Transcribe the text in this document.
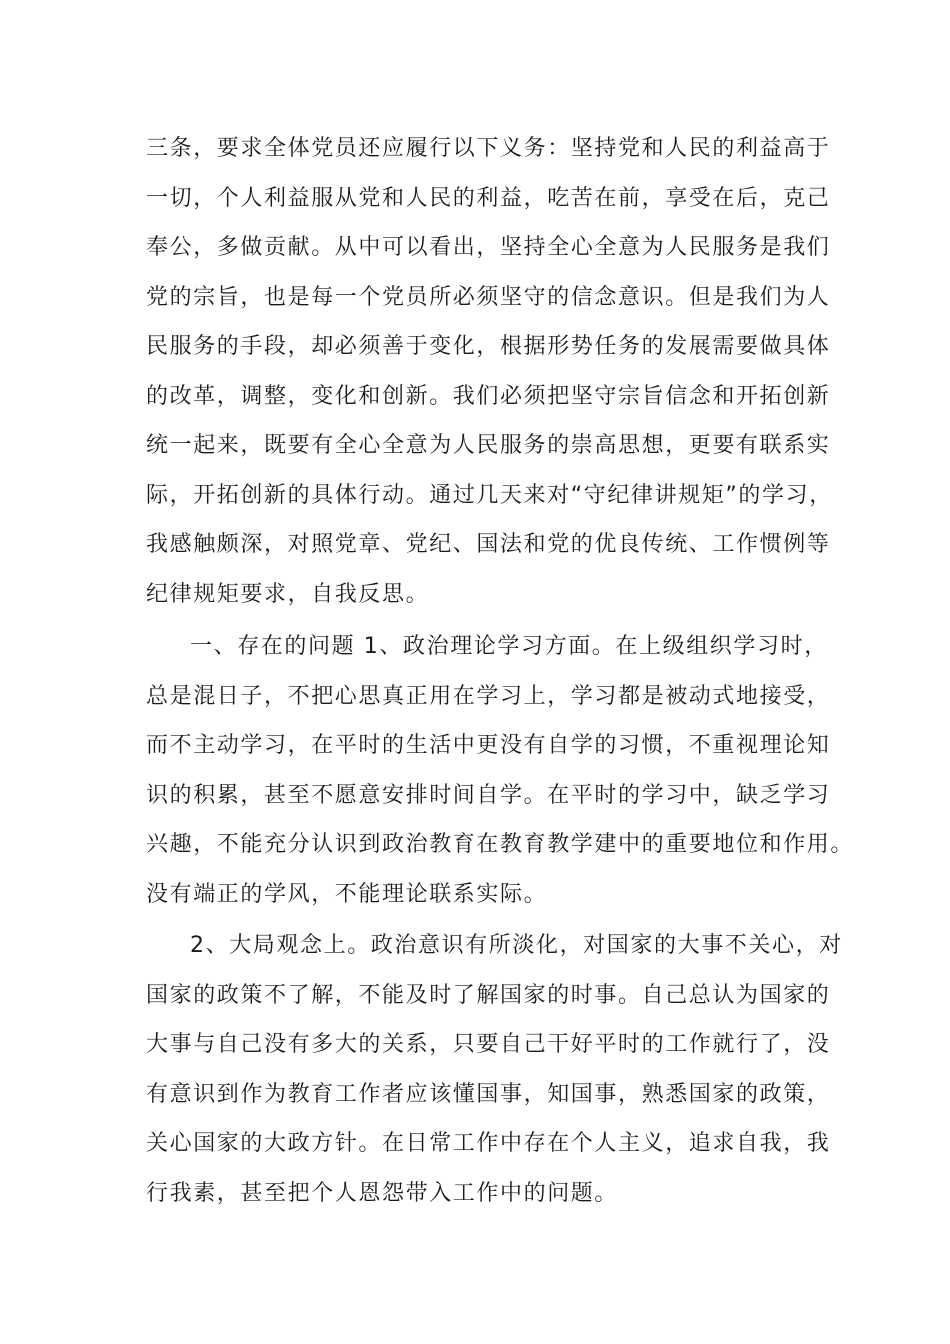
三条，要求全体党员还应履行以下义务：坚持党和人民的利益高于
一切，个人利益服从党和人民的利益，吃苦在前，享受在后，克己
奉公，多做贡献。从中可以看出，坚持全心全意为人民服务是我们
党的宗旨，也是每一个党员所必须坚守的信念意识。但是我们为人
民服务的手段，却必须善于变化，根据形势任务的发展需要做具体
的改革，调整，变化和创新。我们必须把坚守宗旨信念和开拓创新
统一起来，既要有全心全意为人民服务的崇高思想，更要有联系实
际，开拓创新的具体行动。通过几天来对“守纪律讲规矩”的学习，
我感触颇深，对照党章、党纪、国法和党的优良传统、工作惯例等
纪律规矩要求，自我反思。
一、存在的问题 1、政治理论学习方面。在上级组织学习时，
总是混日子，不把心思真正用在学习上，学习都是被动式地接受，
而不主动学习，在平时的生活中更没有自学的习惯，不重视理论知
识的积累，甚至不愿意安排时间自学。在平时的学习中，缺乏学习
兴趣，不能充分认识到政治教育在教育教学建中的重要地位和作用。
没有端正的学风，不能理论联系实际。
2、大局观念上。政治意识有所淡化，对国家的大事不关心，对
国家的政策不了解，不能及时了解国家的时事。自己总认为国家的
大事与自己没有多大的关系，只要自己干好平时的工作就行了，没
有意识到作为教育工作者应该懂国事，知国事，熟悉国家的政策，
关心国家的大政方针。在日常工作中存在个人主义，追求自我，我
行我素，甚至把个人恩怨带入工作中的问题。
